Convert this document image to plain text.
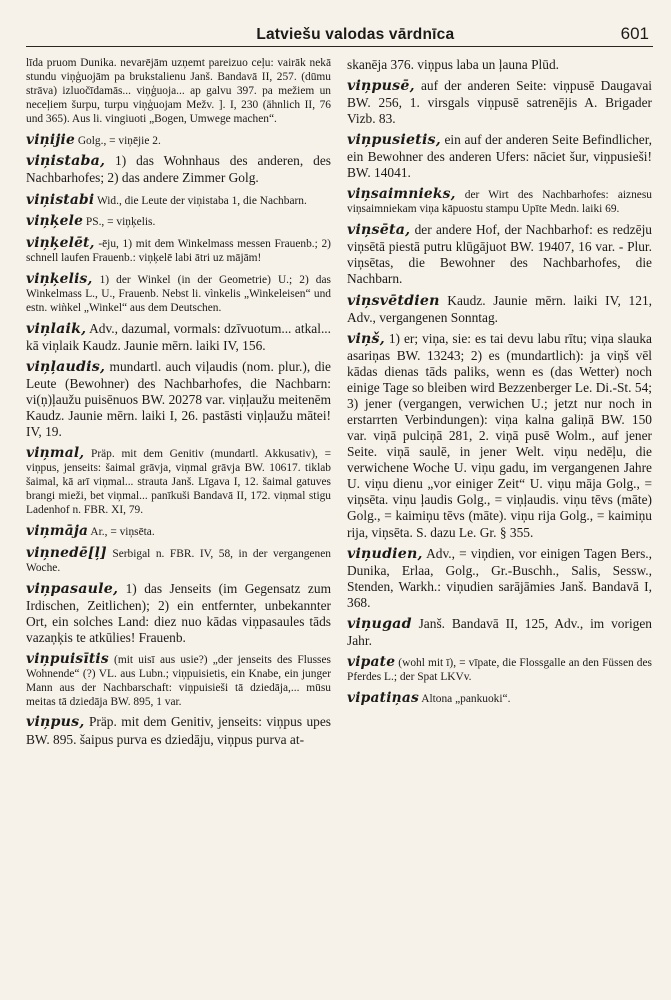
Latviešu valodas vārdnīca	601

līda pruom Dunika. nevarējām uzņemt pareizuo ceļu: vairāk nekā stundu viņģuojām pa brukstalienu Janš. Bandavā II, 257. (dūmu strāva) izluočīdamās... viņģuoja... ap galvu 397. pa mežiem un neceļiem šurpu, turpu viņģuojam Mežv. ]. I, 230 (ähnlich II, 76 und 365). Aus li. vingiuoti „Bogen, Umwege machen“.

viņijie Golg., = viņējie 2.

viņistaba, 1) das Wohnhaus des anderen, des Nachbarhofes; 2) das andere Zimmer Golg.

viņistabi Wid., die Leute der viņistaba 1, die Nachbarn.

viņķele PS., = viņķelis.

viņķelēt, -ēju, 1) mit dem Winkelmass messen Frauenb.; 2) schnell laufen Frauenb.: viņķelē labi ātri uz mājām!

viņķelis, 1) der Winkel (in der Geometrie) U.; 2) das Winkelmass L., U., Frauenb. Nebst li. vìnkelis „Winkeleisen“ und estn. wiǹkel „Winkel“ aus dem Deutschen.

viņlaik, Adv., dazumal, vormals: dzīvuotum... atkal... kā viņlaik Kaudz. Jaunie mērn. laiki IV, 156.

viņļaudis, mundartl. auch viļaudis (nom. plur.), die Leute (Bewohner) des Nachbarhofes, die Nachbarn: vi(ņ)ļaužu puisēnuos BW. 20278 var. viņļaužu meitenēm Kaudz. Jaunie mērn. laiki I, 26. pastāsti viņļaužu mātei! IV, 19.

viņmal, Präp. mit dem Genitiv (mundartl. Akkusativ), = viņpus, jenseits: šaimal grāvja, viņmal grāvja BW. 10617. tiklab šaimal, kā arī viņmal... strauta Janš. Līgava I, 12. šaimal gatuves brangi mieži, bet viņmal... panīkuši Bandavā II, 172. viņmal stigu Ladenhof n. FBR. XI, 79.

viņmāja Ar., = viņsēta.

viņnedē[ļ] Serbigal n. FBR. IV, 58, in der vergangenen Woche.

viņpasaule, 1) das Jenseits (im Gegensatz zum Irdischen, Zeitlichen); 2) ein entfernter, unbekannter Ort, ein solches Land: diez nuo kādas viņpasaules tāds vazaņķis te atkūlies! Frauenb.

viņpuisītis (mit uisī aus usie?) „der jenseits des Flusses Wohnende“ (?) VL. aus Lubn.; viņpuisietis, ein Knabe, ein junger Mann aus der Nachbarschaft: viņpuisieši tā dziedāja,... mūsu meitas tā dziedāja BW. 895, 1 var.

viņpus, Präp. mit dem Genitiv, jenseits: viņpus upes BW. 895. šaipus purva es dziedāju, viņpus purva at-

skanēja 376. viņpus laba un ļauna Plūd.

viņpusē, auf der anderen Seite: viņpusē Daugavai BW. 256, 1. virsgals viņpusē satrenējis A. Brigader Vizb. 83.

viņpusietis, ein auf der anderen Seite Befindlicher, ein Bewohner des anderen Ufers: nāciet šur, viņpusieši! BW. 14041.

viņsaimnieks, der Wirt des Nachbarhofes: aiznesu viņsaimniekam viņa kāpuostu stampu Upīte Medn. laiki 69.

viņsēta, der andere Hof, der Nachbarhof: es redzēju viņsētā piestā putru klūgājuot BW. 19407, 16 var. - Plur. viņsētas, die Bewohner des Nachbarhofes, die Nachbarn.

viņsvētdien Kaudz. Jaunie mērn. laiki IV, 121, Adv., vergangenen Sonntag.

viņš, 1) er; viņa, sie: es tai devu labu rītu; viņa slauka asariņas BW. 13243; 2) es (mundartlich): ja viņš vēl kādas dienas tāds paliks, wenn es (das Wetter) noch einige Tage so bleiben wird Bezzenberger Le. Di.-St. 54; 3) jener (vergangen, verwichen U.; jetzt nur noch in erstarrten Verbindungen): viņa kalna galiņā BW. 150 var. viņā pulciņā 281, 2. viņā pusē Wolm., auf jener Seite. viņā saulē, in jener Welt. viņu nedēļu, die verwichene Woche U. viņu gadu, im vergangenen Jahre U. viņu dienu „vor einiger Zeit“ U. viņu māja Golg., = viņsēta. viņu ļaudis Golg., = viņļaudis. viņu tēvs (māte) Golg., = kaimiņu tēvs (māte). viņu rija Golg., = kaimiņu rija, viņsēta. S. dazu Le. Gr. § 355.

viņudien, Adv., = viņdien, vor einigen Tagen Bers., Dunika, Erlaa, Golg., Gr.-Buschh., Salis, Sessw., Stenden, Warkh.: viņudien sarājāmies Janš. Bandavā I, 368.

viņugad Janš. Bandavā II, 125, Adv., im vorigen Jahr.

vipate (wohl mit ī), = vīpate, die Flossgalle an den Füssen des Pferdes L.; der Spat LKVv.

vipatiņas Altona „pankuoki“.
